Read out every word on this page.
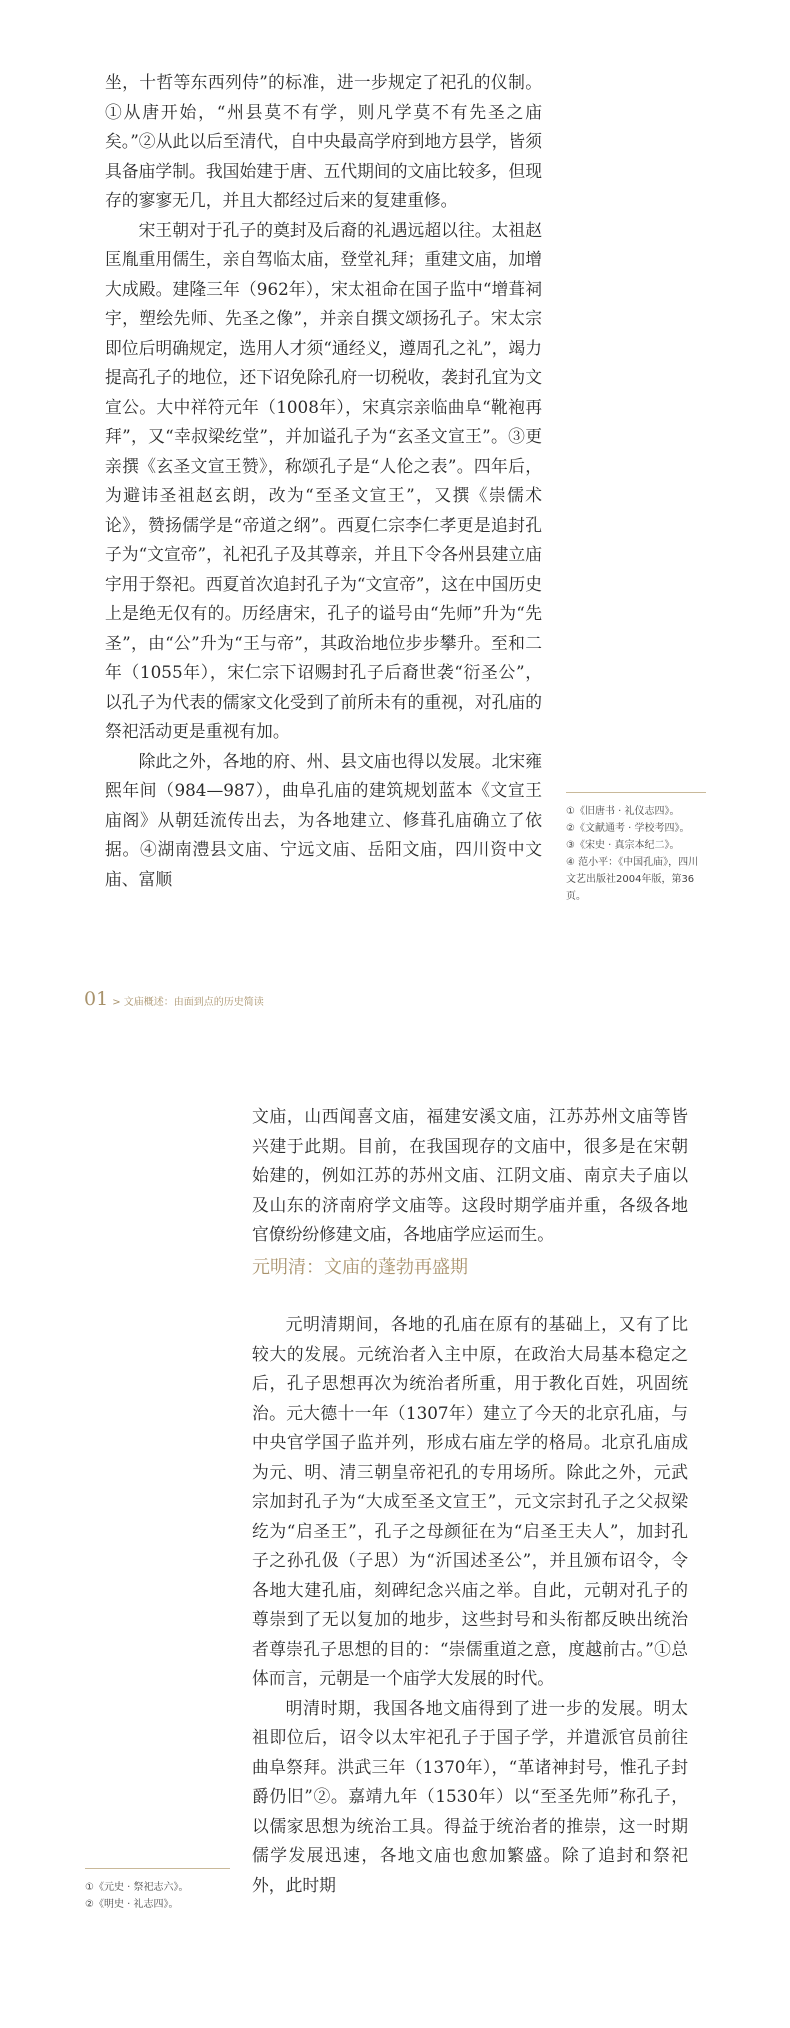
坐，十哲等东西列侍”的标准，进一步规定了祀孔的仪制。①从唐开始，“州县莫不有学，则凡学莫不有先圣之庙矣。”②从此以后至清代，自中央最高学府到地方县学，皆须具备庙学制。我国始建于唐、五代期间的文庙比较多，但现存的寥寥无几，并且大都经过后来的复建重修。

宋王朝对于孔子的奠封及后裔的礼遇远超以往。太祖赵匡胤重用儒生，亲自驾临太庙，登堂礼拜；重建文庙，加增大成殿。建隆三年（962年），宋太祖命在国子监中“增葺祠宇，塑绘先师、先圣之像”，并亲自撰文颂扬孔子。宋太宗即位后明确规定，选用人才须“通经义，遵周孔之礼”，竭力提高孔子的地位，还下诏免除孔府一切税收，袭封孔宜为文宣公。大中祥符元年（1008年），宋真宗亲临曲阜“靴袍再拜”，又“幸叔梁纥堂”，并加谥孔子为“玄圣文宣王”。③更亲撰《玄圣文宣王赞》，称颂孔子是“人伦之表”。四年后，为避讳圣祖赵玄朗，改为“至圣文宣王”，又撰《崇儒术论》，赞扬儒学是“帝道之纲”。西夏仁宗李仁孝更是追封孔子为“文宣帝”，礼祀孔子及其尊亲，并且下令各州县建立庙宇用于祭祀。西夏首次追封孔子为“文宣帝”，这在中国历史上是绝无仅有的。历经唐宋，孔子的谥号由“先师”升为“先圣”，由“公”升为“王与帝”，其政治地位步步攀升。至和二年（1055年），宋仁宗下诏赐封孔子后裔世袭“衍圣公”，以孔子为代表的儒家文化受到了前所未有的重视，对孔庙的祭祀活动更是重视有加。

除此之外，各地的府、州、县文庙也得以发展。北宋雍熙年间（984—987），曲阜孔庙的建筑规划蓝本《文宣王庙阁》从朝廷流传出去，为各地建立、修葺孔庙确立了依据。④湖南澧县文庙、宁远文庙、岳阳文庙，四川资中文庙、富顺

①《旧唐书 · 礼仪志四》。
②《文献通考 · 学校考四》。
③《宋史 · 真宗本纪二》。
④ 范小平：《中国孔庙》，四川文艺出版社2004年版，第36页。
01 > 文庙概述：由面到点的历史简读

文庙，山西闻喜文庙，福建安溪文庙，江苏苏州文庙等皆兴建于此期。目前，在我国现存的文庙中，很多是在宋朝始建的，例如江苏的苏州文庙、江阴文庙、南京夫子庙以及山东的济南府学文庙等。这段时期学庙并重，各级各地官僚纷纷修建文庙，各地庙学应运而生。

元明清：文庙的蓬勃再盛期

元明清期间，各地的孔庙在原有的基础上，又有了比较大的发展。元统治者入主中原，在政治大局基本稳定之后，孔子思想再次为统治者所重，用于教化百姓，巩固统治。元大德十一年（1307年）建立了今天的北京孔庙，与中央官学国子监并列，形成右庙左学的格局。北京孔庙成为元、明、清三朝皇帝祀孔的专用场所。除此之外，元武宗加封孔子为“大成至圣文宣王”，元文宗封孔子之父叔梁纥为“启圣王”，孔子之母颜征在为“启圣王夫人”，加封孔子之孙孔伋（子思）为“沂国述圣公”，并且颁布诏令，令各地大建孔庙，刻碑纪念兴庙之举。自此，元朝对孔子的尊崇到了无以复加的地步，这些封号和头衔都反映出统治者尊崇孔子思想的目的：“崇儒重道之意，度越前古。”①总体而言，元朝是一个庙学大发展的时代。

明清时期，我国各地文庙得到了进一步的发展。明太祖即位后，诏令以太牢祀孔子于国子学，并遣派官员前往曲阜祭拜。洪武三年（1370年），“革诸神封号，惟孔子封爵仍旧”②。嘉靖九年（1530年）以“至圣先师”称孔子，以儒家思想为统治工具。得益于统治者的推崇，这一时期儒学发展迅速，各地文庙也愈加繁盛。除了追封和祭祀外，此时期

①《元史 · 祭祀志六》。
②《明史 · 礼志四》。
